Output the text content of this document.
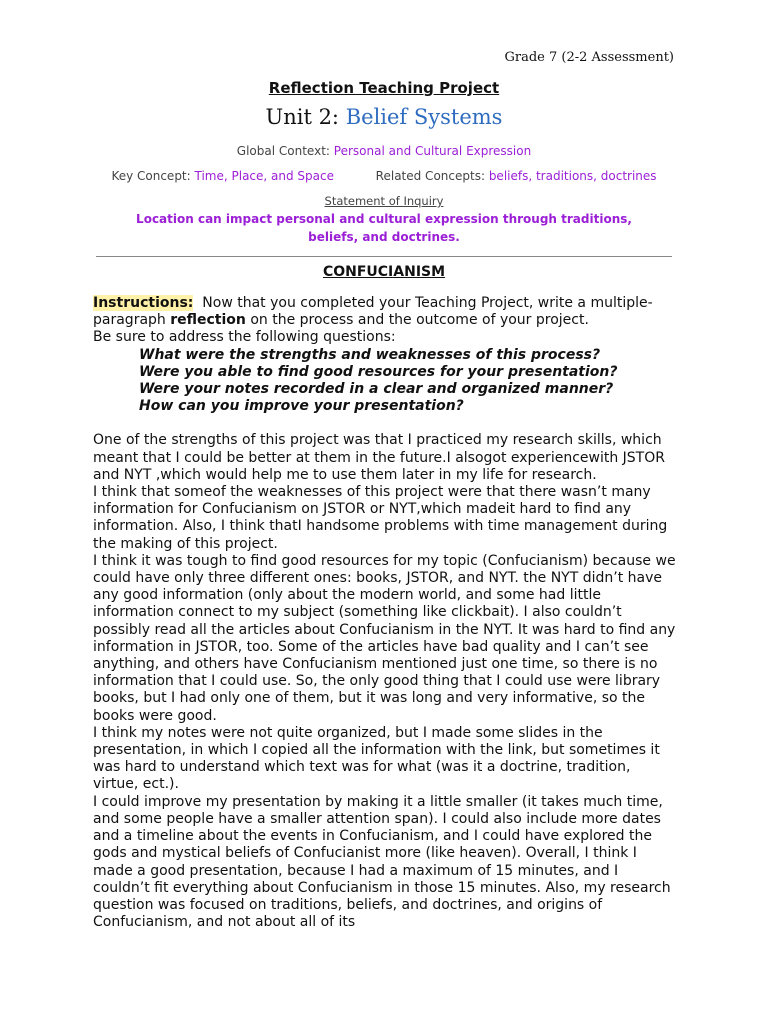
Grade 7 (2-2 Assessment)
Reflection Teaching Project
Unit 2: Belief Systems
Global Context: Personal and Cultural Expression
Key Concept: Time, Place, and Space	Related Concepts: beliefs, traditions, doctrines
Statement of Inquiry
Location can impact personal and cultural expression through traditions, beliefs, and doctrines.
CONFUCIANISM

Instructions:  Now that you completed your Teaching Project, write a multiple-paragraph reflection on the process and the outcome of your project.

Be sure to address the following questions:

What were the strengths and weaknesses of this process?

Were you able to find good resources for your presentation?

Were your notes recorded in a clear and organized manner?

How can you improve your presentation?

One of the strengths of this project was that I practiced my research skills, which meant that I could be better at them in the future.I alsogot experiencewith JSTOR and NYT ,which would help me to use them later in my life for research.

I think that someof the weaknesses of this project were that there wasn’t many information for Confucianism on JSTOR or NYT,which madeit hard to find any information. Also, I think thatI handsome problems with time management during the making of this project.

I think it was tough to find good resources for my topic (Confucianism) because we could have only three different ones: books, JSTOR, and NYT. the NYT didn’t have any good information (only about the modern world, and some had little information connect to my subject (something like clickbait). I also couldn’t possibly read all the articles about Confucianism in the NYT. It was hard to find any information in JSTOR, too. Some of the articles have bad quality and I can’t see anything, and others have Confucianism mentioned just one time, so there is no information that I could use. So, the only good thing that I could use were library books, but I had only one of them, but it was long and very informative, so the books were good.

I think my notes were not quite organized, but I made some slides in the presentation, in which I copied all the information with the link, but sometimes it was hard to understand which text was for what (was it a doctrine, tradition, virtue, ect.).

I could improve my presentation by making it a little smaller (it takes much time, and some people have a smaller attention span). I could also include more dates and a timeline about the events in Confucianism, and I could have explored the gods and mystical beliefs of Confucianist more (like heaven). Overall, I think I made a good presentation, because I had a maximum of 15 minutes, and I couldn’t fit everything about Confucianism in those 15 minutes. Also, my research question was focused on traditions, beliefs, and doctrines, and origins of Confucianism, and not about all of its
